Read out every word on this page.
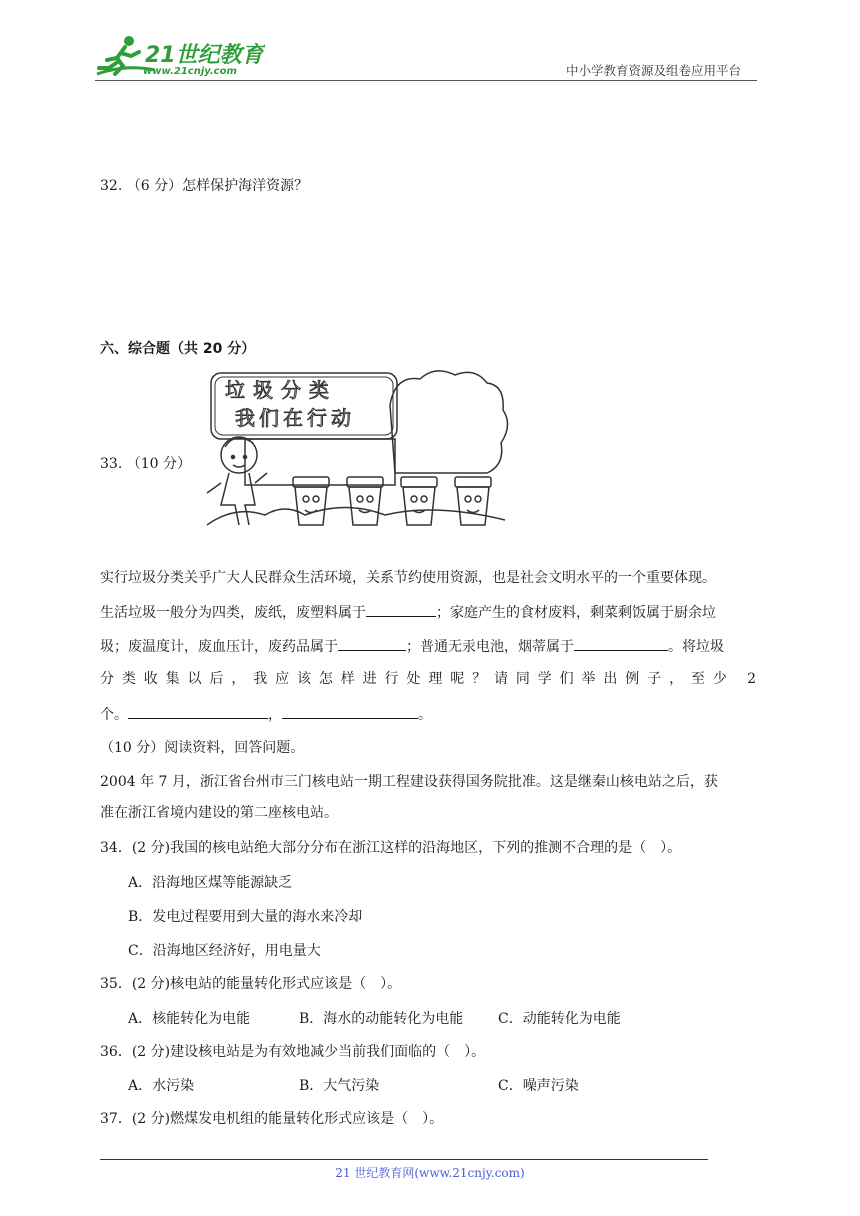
21世纪教育
www.21cnjy.com	中小学教育资源及组卷应用平台
32. （6 分）怎样保护海洋资源？
六、综合题（共 20 分）
33. （10 分）
垃圾分类
我们在行动
实行垃圾分类关乎广大人民群众生活环境，关系节约使用资源，也是社会文明水平的一个重要体现。
生活垃圾一般分为四类，废纸，废塑料属于	；家庭产生的食材废料，剩菜剩饭属于厨余垃
圾；废温度计，废血压计，废药品属于	；普通无汞电池，烟蒂属于	。将垃圾
分类收集以后，我应该怎样进行处理呢？请同学们举出例子，至少 2
个。	，	。
（10 分）阅读资料，回答问题。
2004 年 7 月，浙江省台州市三门核电站一期工程建设获得国务院批准。这是继秦山核电站之后，获
准在浙江省境内建设的第二座核电站。
34．(2 分)我国的核电站绝大部分分布在浙江这样的沿海地区，下列的推测不合理的是（　）。
A．沿海地区煤等能源缺乏
B．发电过程要用到大量的海水来冷却
C．沿海地区经济好，用电量大
35．(2 分)核电站的能量转化形式应该是（　）。
A．核能转化为电能	B．海水的动能转化为电能 C．动能转化为电能
36．(2 分)建设核电站是为有效地减少当前我们面临的（　）。
A．水污染	B．大气污染	C．噪声污染
37．(2 分)燃煤发电机组的能量转化形式应该是（　）。
21 世纪教育网(www.21cnjy.com)
